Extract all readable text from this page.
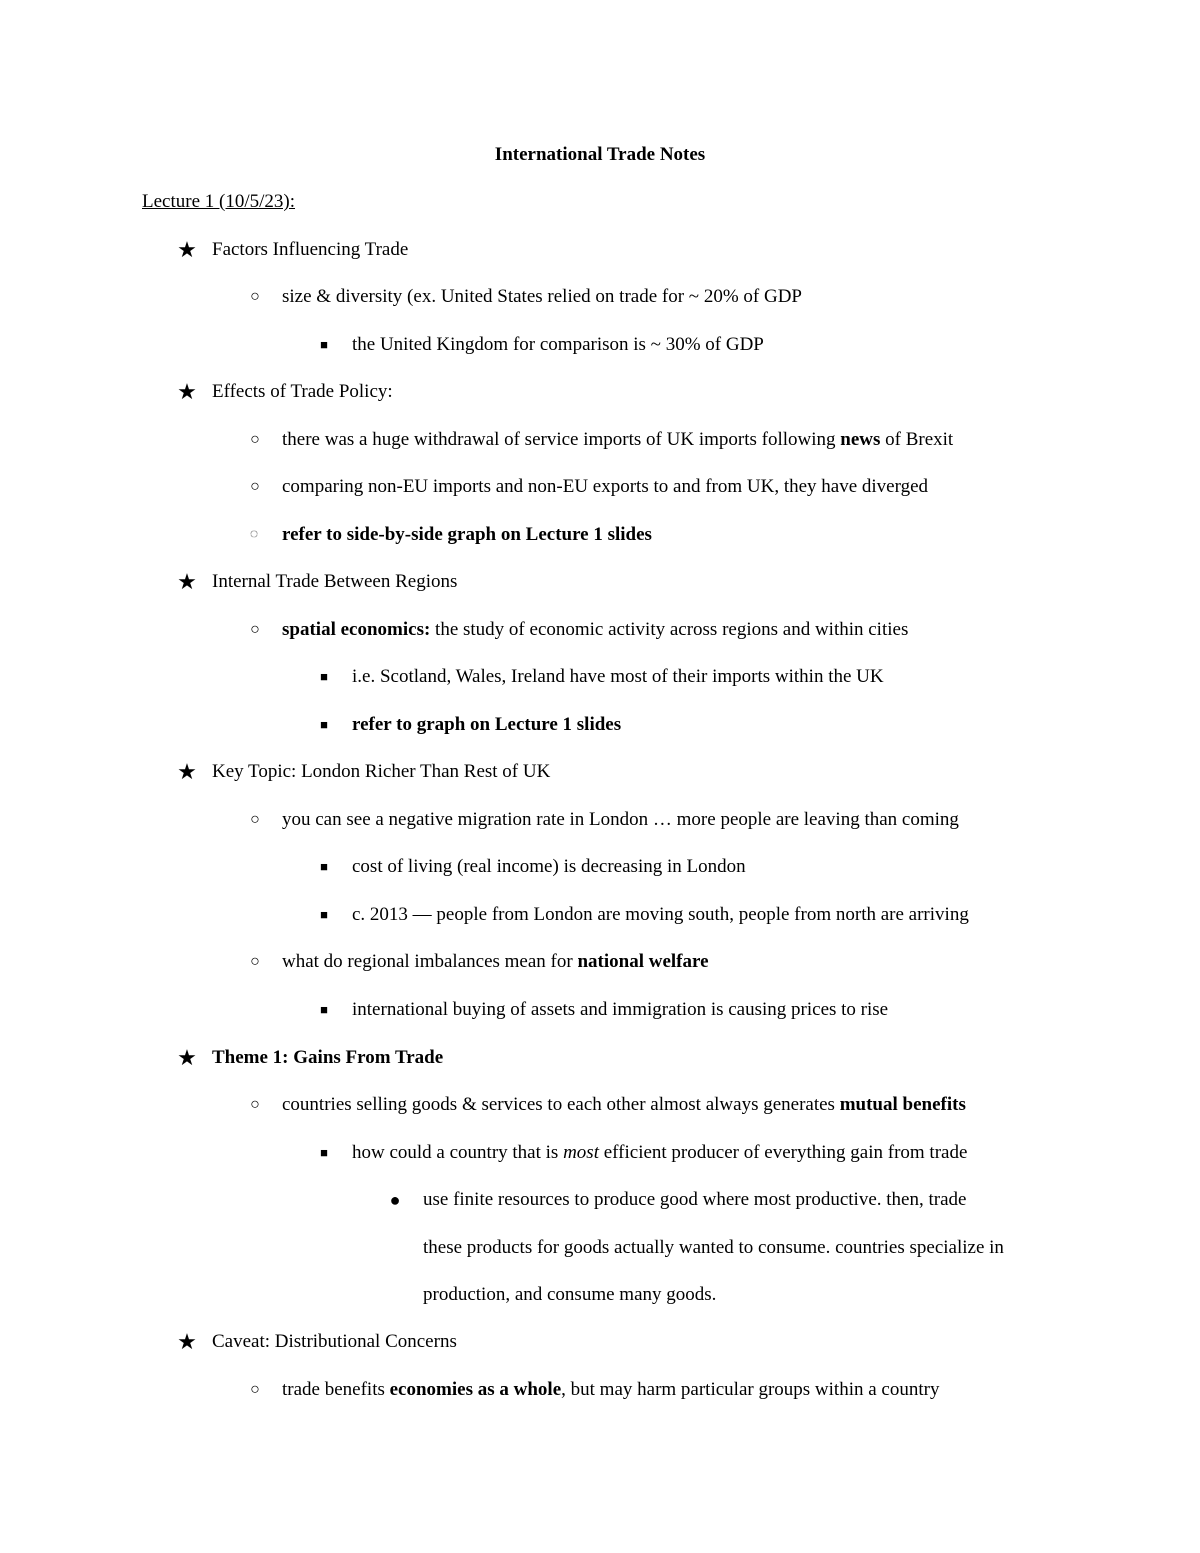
International Trade Notes
Lecture 1 (10/5/23):
★ Factors Influencing Trade
○ size & diversity (ex. United States relied on trade for ~ 20% of GDP
■ the United Kingdom for comparison is ~ 30% of GDP
★ Effects of Trade Policy:
○ there was a huge withdrawal of service imports of UK imports following news of Brexit
○ comparing non-EU imports and non-EU exports to and from UK, they have diverged
◌ refer to side-by-side graph on Lecture 1 slides
★ Internal Trade Between Regions
○ spatial economics: the study of economic activity across regions and within cities
■ i.e. Scotland, Wales, Ireland have most of their imports within the UK
■ refer to graph on Lecture 1 slides
★ Key Topic: London Richer Than Rest of UK
○ you can see a negative migration rate in London … more people are leaving than coming
■ cost of living (real income) is decreasing in London
■ c. 2013 — people from London are moving south, people from north are arriving
○ what do regional imbalances mean for national welfare
■ international buying of assets and immigration is causing prices to rise
★ Theme 1: Gains From Trade
○ countries selling goods & services to each other almost always generates mutual benefits
■ how could a country that is most efficient producer of everything gain from trade
● use finite resources to produce good where most productive. then, trade
these products for goods actually wanted to consume. countries specialize in
production, and consume many goods.
★ Caveat: Distributional Concerns
○ trade benefits economies as a whole, but may harm particular groups within a country
